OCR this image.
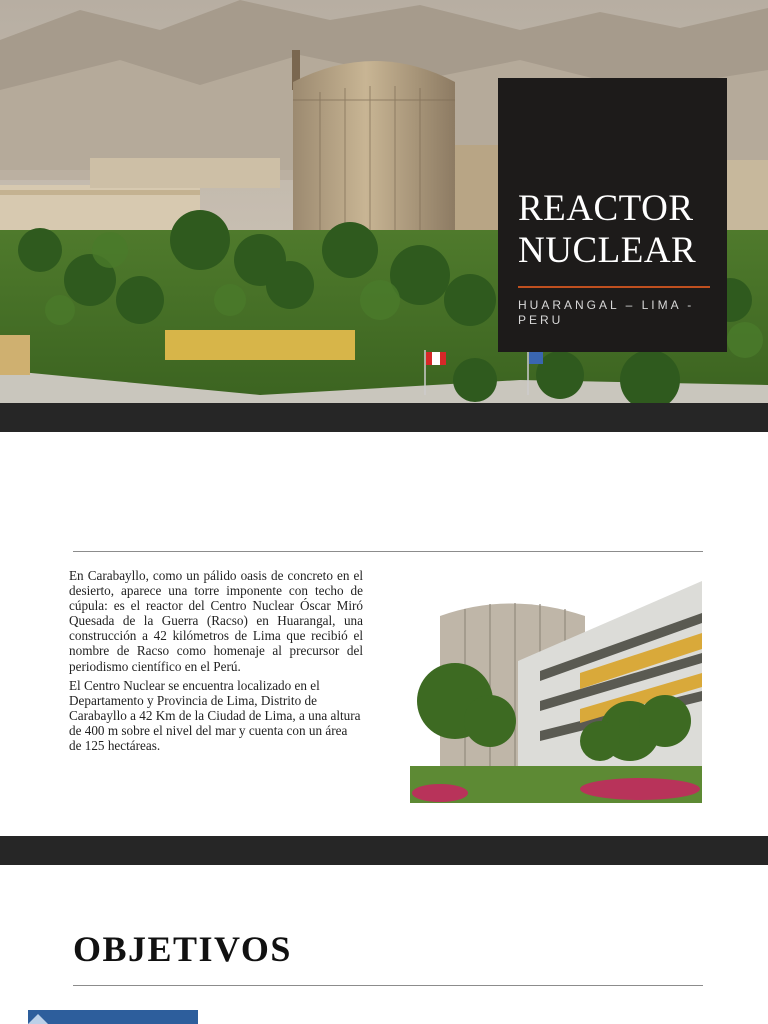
REACTOR
NUCLEAR
HUARANGAL – LIMA - PERU

En Carabayllo, como un pálido oasis de concreto en el desierto, aparece una torre imponente con techo de cúpula: es el reactor del Centro Nuclear Óscar Miró Quesada de la Guerra (Racso) en Huarangal, una construcción a 42 kilómetros de Lima que recibió el nombre de Racso como homenaje al precursor del periodismo científico en el Perú.

El Centro Nuclear se encuentra localizado en el Departamento y Provincia de Lima, Distrito de Carabayllo a 42 Km de la Ciudad de Lima, a una altura de 400 m sobre el nivel del mar y cuenta con un área de 125 hectáreas.

OBJETIVOS
